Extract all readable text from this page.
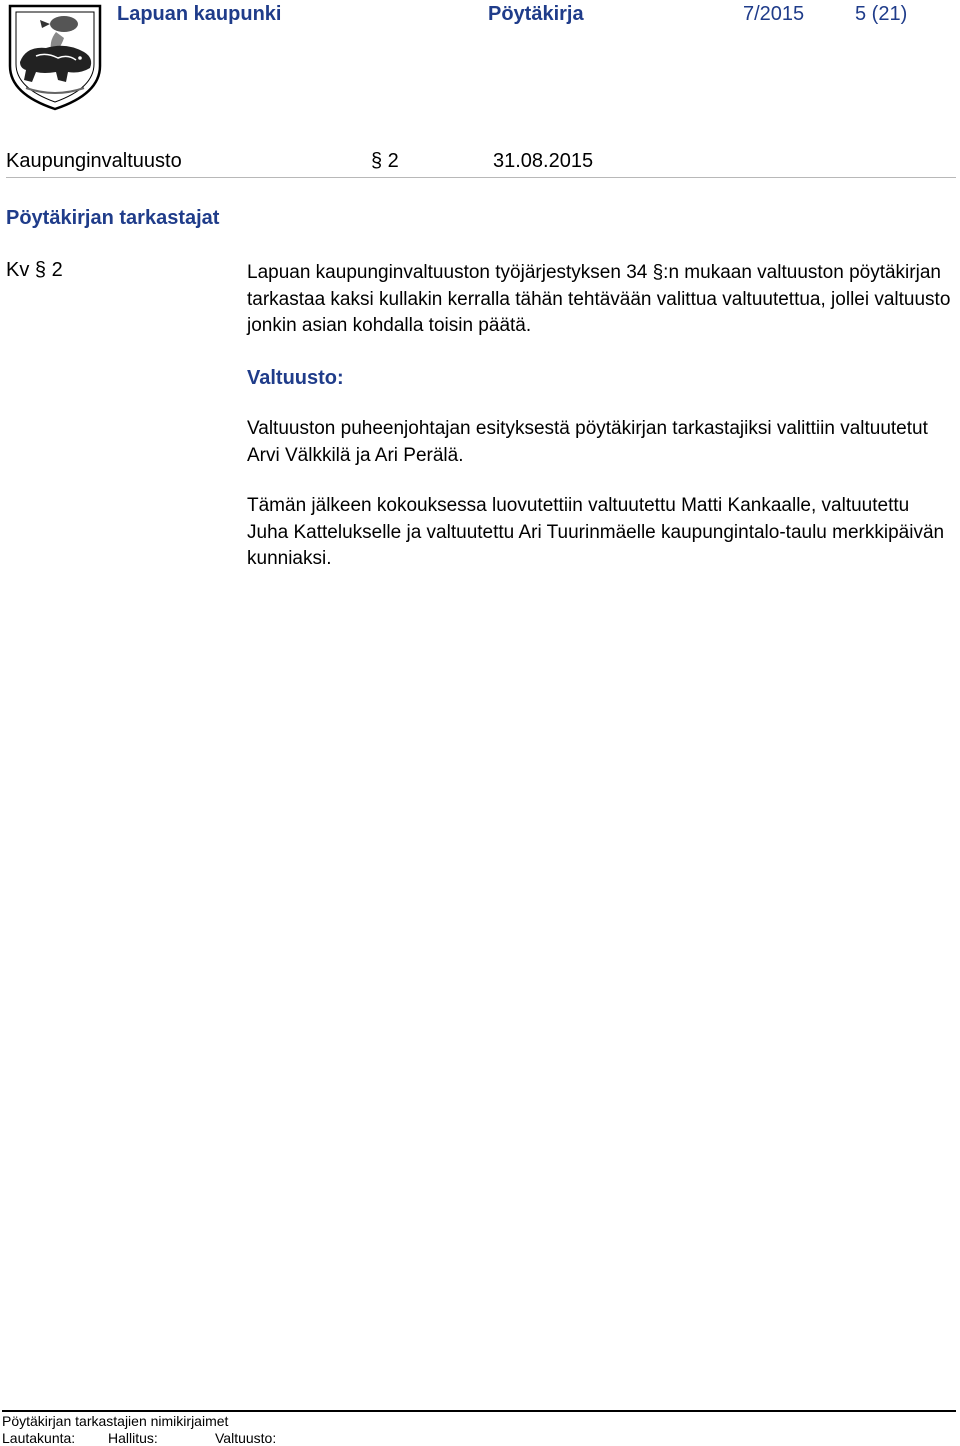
Lapuan kaupunki	Pöytäkirja	7/2015	5 (21)
Kaupunginvaltuusto	§ 2	31.08.2015
Pöytäkirjan tarkastajat
Kv § 2	Lapuan kaupunginvaltuuston työjärjestyksen 34 §:n mukaan valtuuston pöytäkirjan tarkastaa kaksi kullakin kerralla tähän tehtävään valittua valtuutettua, jollei valtuusto jonkin asian kohdalla toisin päätä.
Valtuusto:
Valtuuston puheenjohtajan esityksestä pöytäkirjan tarkastajiksi valittiin valtuutetut Arvi Välkkilä ja Ari Perälä.
Tämän jälkeen kokouksessa luovutettiin valtuutettu Matti Kankaalle, valtuutettu Juha Kattelukselle ja valtuutettu Ari Tuurinmäelle kaupungintalo-taulu merkkipäivän kunniaksi.
Pöytäkirjan tarkastajien nimikirjaimet
Lautakunta: Hallitus:	Valtuusto:
